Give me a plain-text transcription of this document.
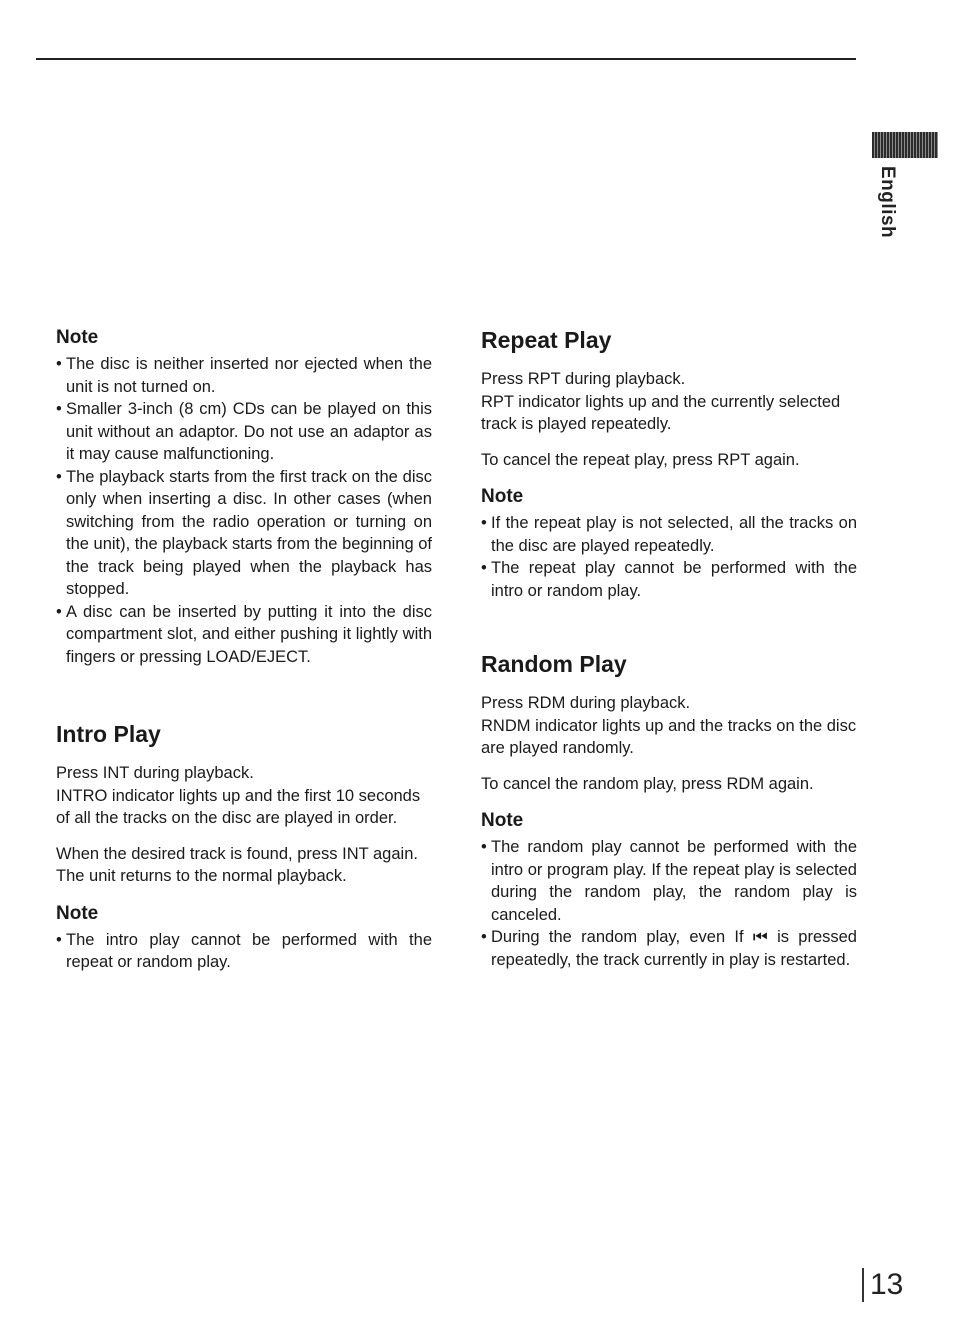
English
Note
• The disc is neither inserted nor ejected when the unit is not turned on.
• Smaller 3-inch (8 cm) CDs can be played on this unit without an adaptor. Do not use an adaptor as it may cause malfunctioning.
• The playback starts from the first track on the disc only when inserting a disc. In other cases (when switching from the radio operation or turning on the unit), the playback starts from the beginning of the track being played when the playback has stopped.
• A disc can be inserted by putting it into the disc compartment slot, and either pushing it lightly with fingers or pressing LOAD/EJECT.
Intro Play

Press INT during playback.

INTRO indicator lights up and the first 10 seconds of all the tracks on the disc are played in order.

When the desired track is found, press INT again. The unit returns to the normal playback.

Note
• The intro play cannot be performed with the repeat or random play.
Repeat Play

Press RPT during playback.

RPT indicator lights up and the currently selected track is played repeatedly.

To cancel the repeat play, press RPT again.

Note
• If the repeat play is not selected, all the tracks on the disc are played repeatedly.
• The repeat play cannot be performed with the intro or random play.
Random Play

Press RDM during playback.

RNDM indicator lights up and the tracks on the disc are played randomly.

To cancel the random play, press RDM again.

Note
• The random play cannot be performed with the intro or program play. If the repeat play is selected during the random play, the random play is canceled.
• During the random play, even If ⏮ is pressed repeatedly, the track currently in play is restarted.
13
